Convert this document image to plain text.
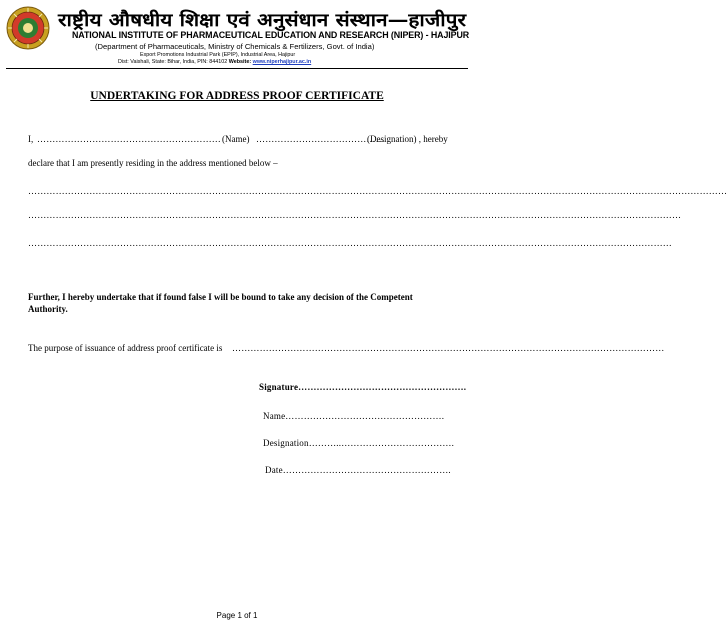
राष्ट्रीय औषधीय शिक्षा एवं अनुसंधान संस्थान—हाजीपुर
NATIONAL INSTITUTE OF PHARMACEUTICAL EDUCATION AND RESEARCH (NIPER) - HAJIPUR
(Department of Pharmaceuticals, Ministry of Chemicals & Fertilizers, Govt. of India)
Export Promotions Industrial Park (EPIP), Industrial Area, Hajipur
Dist: Vaishali, State: Bihar, India, PIN: 844102 Website: www.niperhajipur.ac.in
UNDERTAKING FOR ADDRESS PROOF CERTIFICATE
I, …………………………………………………… (Name) ……………………………………
(Designation) , hereby
declare that I am presently residing in the address mentioned below –
…………………………………………………………………………………………………………………………………………………………………………………………………………
……………………………………………………………………………………………………………………………………………………………………………………………
…………………………………………………………………………………………………………………………………………………………………………………………
Further, I hereby undertake that if found false I will be bound to take any decision of the Competent
Authority.
The purpose of issuance of address proof certificate is ……………………………………………………………………………………………………………………………
Signature……………………………………………….
Name…………………………………………….
Designation………..……………………………….
Date……………………………………………….
Page 1 of 1
